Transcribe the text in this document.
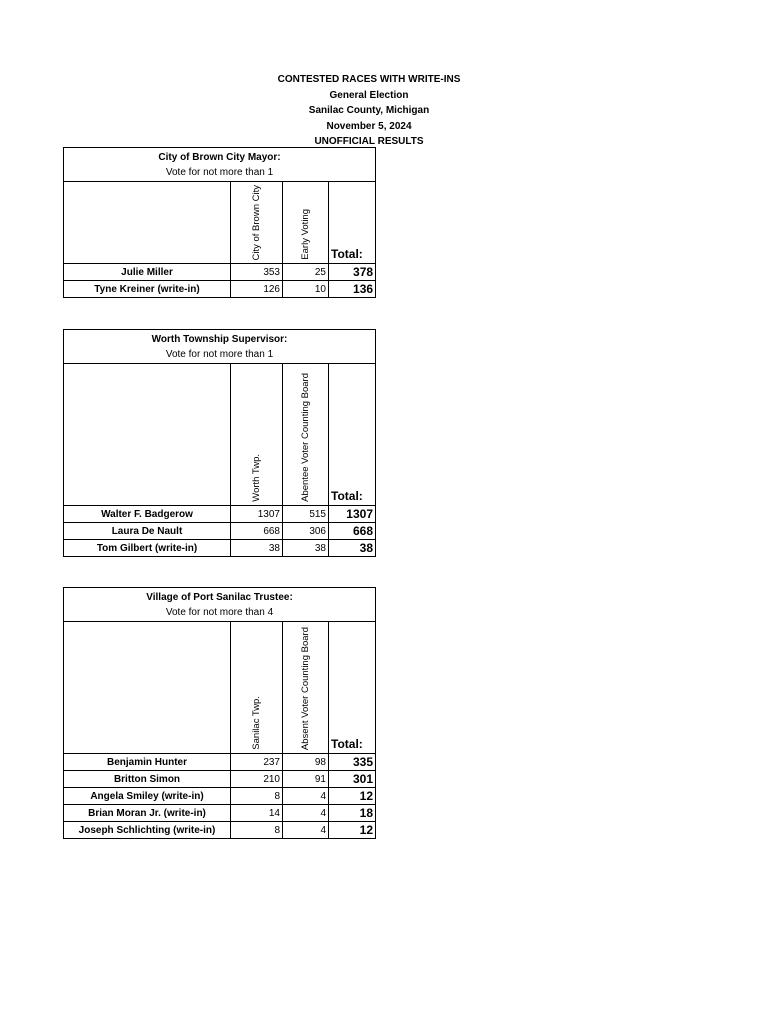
CONTESTED RACES WITH WRITE-INS
General Election
Sanilac County, Michigan
November 5, 2024
UNOFFICIAL RESULTS
City of Brown City Mayor:
Vote for not more than 1			

	City of Brown City	Early Voting	Total:
Julie Miller	353	25	378
Tyne Kreiner (write-in)	126	10	136
Worth Township Supervisor:
Vote for not more than 1			

	Worth Twp.	Abentee Voter Counting Board	Total:
Walter F. Badgerow	1307	515	1307
Laura De Nault	668	306	668
Tom Gilbert (write-in)	38	38	38
Village of Port Sanilac Trustee:
Vote for not more than 4			

	Sanilac Twp.	Absent Voter Counting Board	Total:
Benjamin Hunter	237	98	335
Britton Simon	210	91	301
Angela Smiley (write-in)	8	4	12
Brian Moran Jr. (write-in)	14	4	18
Joseph Schlichting (write-in)	8	4	12
